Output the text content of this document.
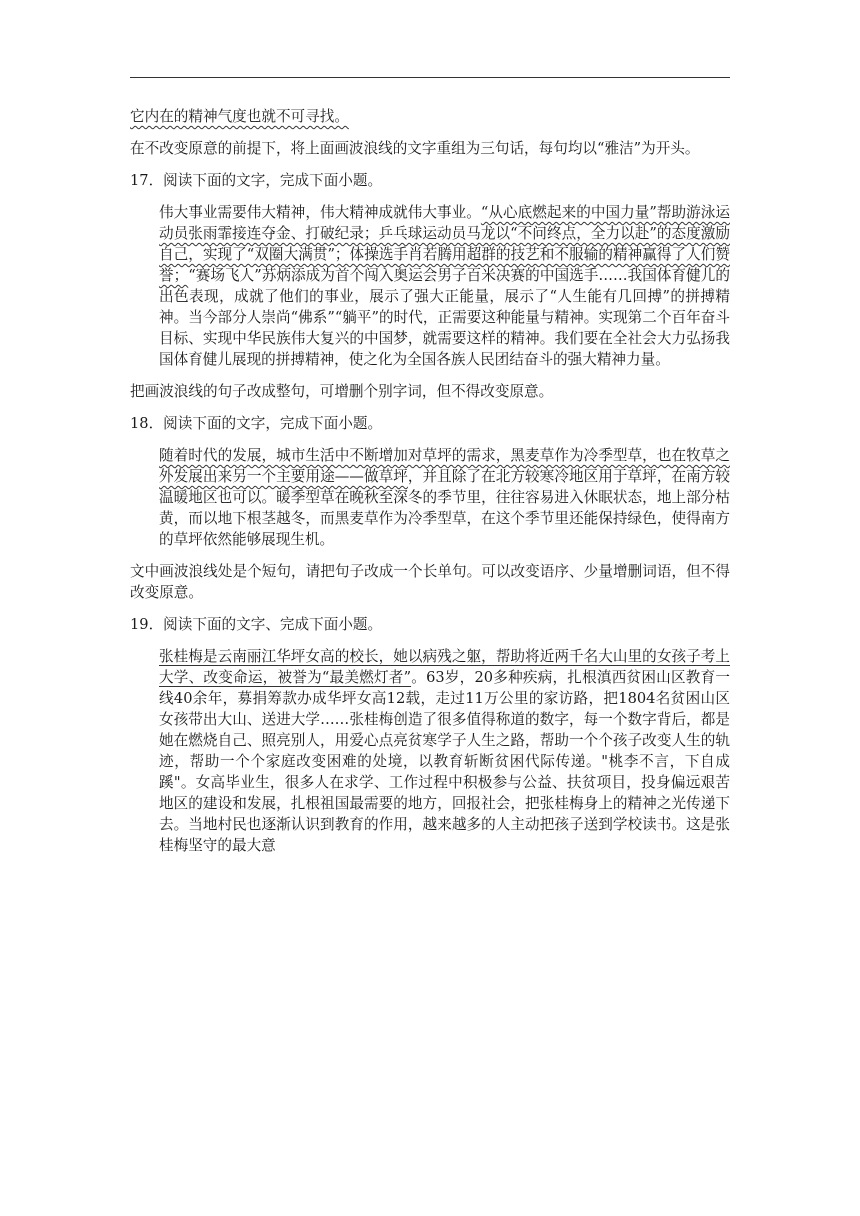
它内在的精神气度也就不可寻找。

在不改变原意的前提下，将上面画波浪线的文字重组为三句话，每句均以“雅洁”为开头。

17．阅读下面的文字，完成下面小题。

伟大事业需要伟大精神，伟大精神成就伟大事业。“从心底燃起来的中国力量”帮助游泳运动员张雨霏接连夺金、打破纪录；乒乓球运动员马龙以“不问终点，全力以赴”的态度激励自己，实现了“双圈大满贯”；体操选手肖若腾用超群的技艺和不服输的精神赢得了人们赞誉；“赛场飞人”苏炳添成为首个闯入奥运会男子百米决赛的中国选手……我国体育健儿的出色表现，成就了他们的事业，展示了强大正能量，展示了“人生能有几回搏”的拼搏精神。当今部分人崇尚“佛系”“躺平”的时代，正需要这种能量与精神。实现第二个百年奋斗目标、实现中华民族伟大复兴的中国梦，就需要这样的精神。我们要在全社会大力弘扬我国体育健儿展现的拼搏精神，使之化为全国各族人民团结奋斗的强大精神力量。

把画波浪线的句子改成整句，可增删个别字词，但不得改变原意。

18．阅读下面的文字，完成下面小题。

随着时代的发展，城市生活中不断增加对草坪的需求，黑麦草作为冷季型草，也在牧草之外发展出来另一个主要用途——做草坪，并且除了在北方较寒冷地区用于草坪，在南方较温暖地区也可以。暖季型草在晚秋至深冬的季节里，往往容易进入休眠状态，地上部分枯黄，而以地下根茎越冬，而黑麦草作为冷季型草，在这个季节里还能保持绿色，使得南方的草坪依然能够展现生机。

文中画波浪线处是个短句，请把句子改成一个长单句。可以改变语序、少量增删词语，但不得改变原意。

19．阅读下面的文字、完成下面小题。

张桂梅是云南丽江华坪女高的校长，她以病残之躯，帮助将近两千名大山里的女孩子考上大学、改变命运，被誉为“最美燃灯者”。63岁，20多种疾病，扎根滇西贫困山区教育一线40余年，募捐筹款办成华坪女高12载，走过11万公里的家访路，把1804名贫困山区女孩带出大山、送进大学……张桂梅创造了很多值得称道的数字，每一个数字背后，都是她在燃烧自己、照亮别人，用爱心点亮贫寒学子人生之路，帮助一个个孩子改变人生的轨迹，帮助一个个家庭改变困难的处境，以教育斩断贫困代际传递。"桃李不言，下自成蹊"。女高毕业生，很多人在求学、工作过程中积极参与公益、扶贫项目，投身偏远艰苦地区的建设和发展，扎根祖国最需要的地方，回报社会，把张桂梅身上的精神之光传递下去。当地村民也逐渐认识到教育的作用，越来越多的人主动把孩子送到学校读书。这是张桂梅坚守的最大意
